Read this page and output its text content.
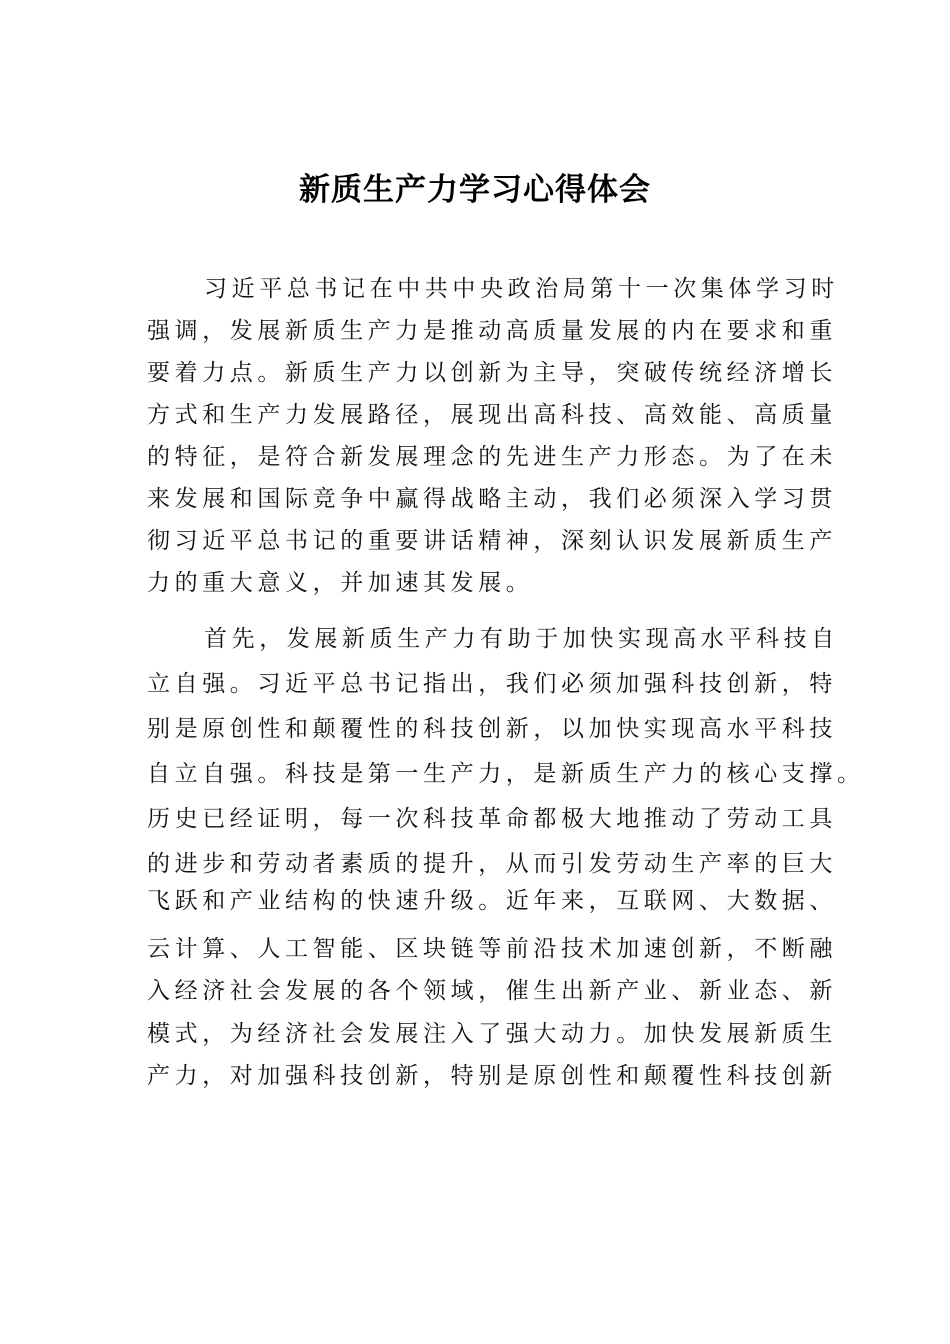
新质生产力学习心得体会

习近平总书记在中共中央政治局第十一次集体学习时

强调，发展新质生产力是推动高质量发展的内在要求和重

要着力点。新质生产力以创新为主导，突破传统经济增长

方式和生产力发展路径，展现出高科技、高效能、高质量

的特征，是符合新发展理念的先进生产力形态。为了在未

来发展和国际竞争中赢得战略主动，我们必须深入学习贯

彻习近平总书记的重要讲话精神，深刻认识发展新质生产

力的重大意义，并加速其发展。

首先，发展新质生产力有助于加快实现高水平科技自

立自强。习近平总书记指出，我们必须加强科技创新，特

别是原创性和颠覆性的科技创新，以加快实现高水平科技

自立自强。科技是第一生产力，是新质生产力的核心支撑。

历史已经证明，每一次科技革命都极大地推动了劳动工具

的进步和劳动者素质的提升，从而引发劳动生产率的巨大

飞跃和产业结构的快速升级。近年来，互联网、大数据、

云计算、人工智能、区块链等前沿技术加速创新，不断融

入经济社会发展的各个领域，催生出新产业、新业态、新

模式，为经济社会发展注入了强大动力。加快发展新质生

产力，对加强科技创新，特别是原创性和颠覆性科技创新
